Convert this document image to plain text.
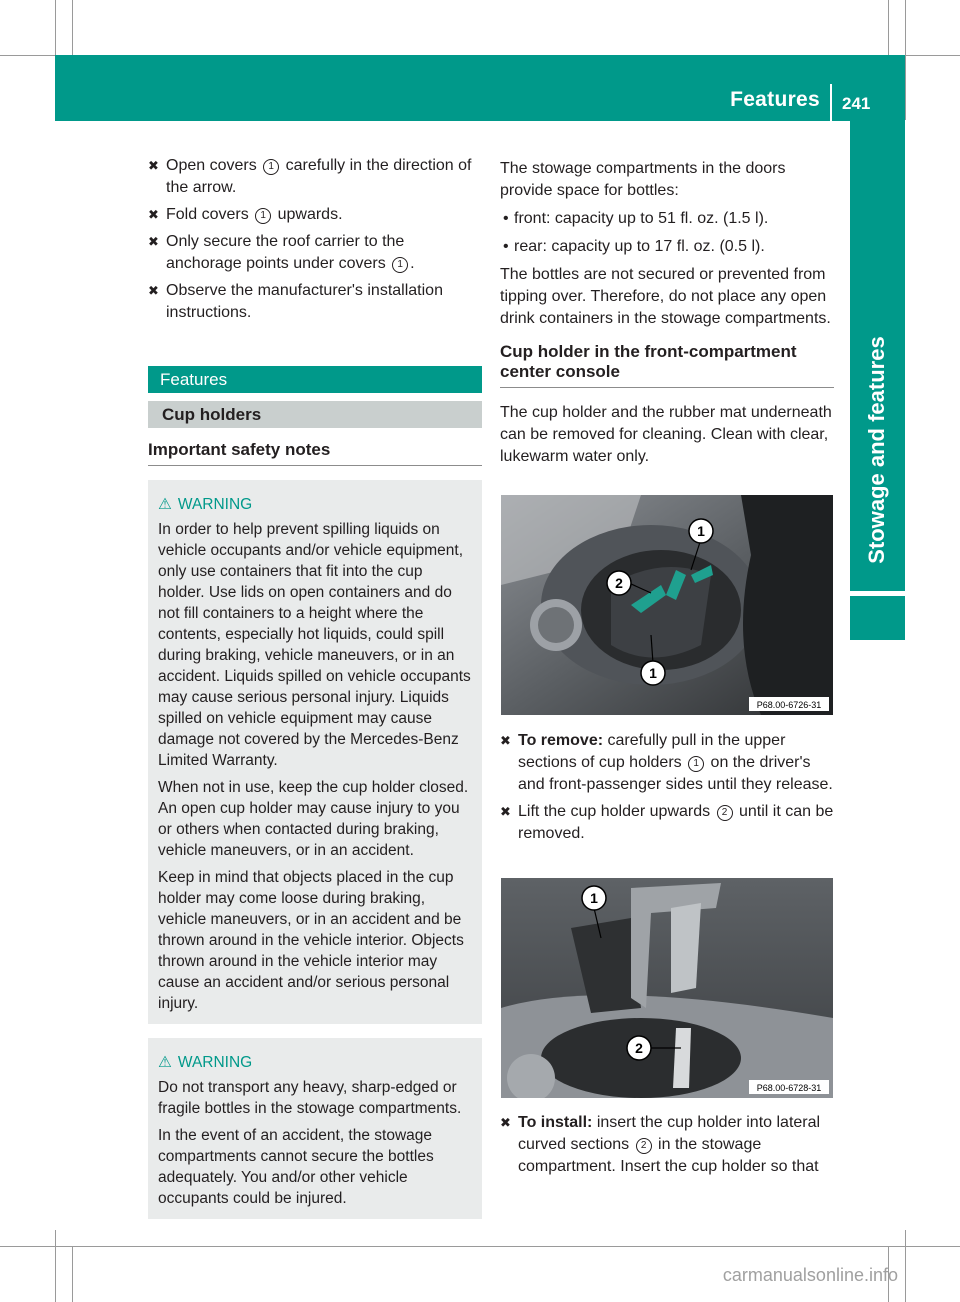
Features 241
Stowage and features
✖ Open covers 1 carefully in the direction of the arrow.
✖ Fold covers 1 upwards.
✖ Only secure the roof carrier to the anchorage points under covers 1 .
✖ Observe the manufacturer's installation instructions.
Features
Cup holders
Important safety notes
⚠ WARNING

In order to help prevent spilling liquids on vehicle occupants and/or vehicle equipment, only use containers that fit into the cup holder. Use lids on open containers and do not fill containers to a height where the contents, especially hot liquids, could spill during braking, vehicle maneuvers, or in an accident. Liquids spilled on vehicle occupants may cause serious personal injury. Liquids spilled on vehicle equipment may cause damage not covered by the Mercedes-Benz Limited Warranty.

When not in use, keep the cup holder closed. An open cup holder may cause injury to you or others when contacted during braking, vehicle maneuvers, or in an accident.

Keep in mind that objects placed in the cup holder may come loose during braking, vehicle maneuvers, or in an accident and be thrown around in the vehicle interior. Objects thrown around in the vehicle interior may cause an accident and/or serious personal injury.

⚠ WARNING

Do not transport any heavy, sharp-edged or fragile bottles in the stowage compartments.

In the event of an accident, the stowage compartments cannot secure the bottles adequately. You and/or other vehicle occupants could be injured.

The stowage compartments in the doors provide space for bottles:

• front: capacity up to 51 fl. oz. (1.5 l).
• rear: capacity up to 17 fl. oz. (0.5 l).

The bottles are not secured or prevented from tipping over. Therefore, do not place any open drink containers in the stowage compartments.

Cup holder in the front-compartment center console

The cup holder and the rubber mat underneath can be removed for cleaning. Clean with clear, lukewarm water only.

1
2
1
P68.00-6726-31
✖ To remove: carefully pull in the upper sections of cup holders 1 on the driver's and front-passenger sides until they release.
✖ Lift the cup holder upwards 2 until it can be removed.
1
2
P68.00-6728-31
✖ To install: insert the cup holder into lateral curved sections 2 in the stowage compartment. Insert the cup holder so that
carmanualsonline.info
